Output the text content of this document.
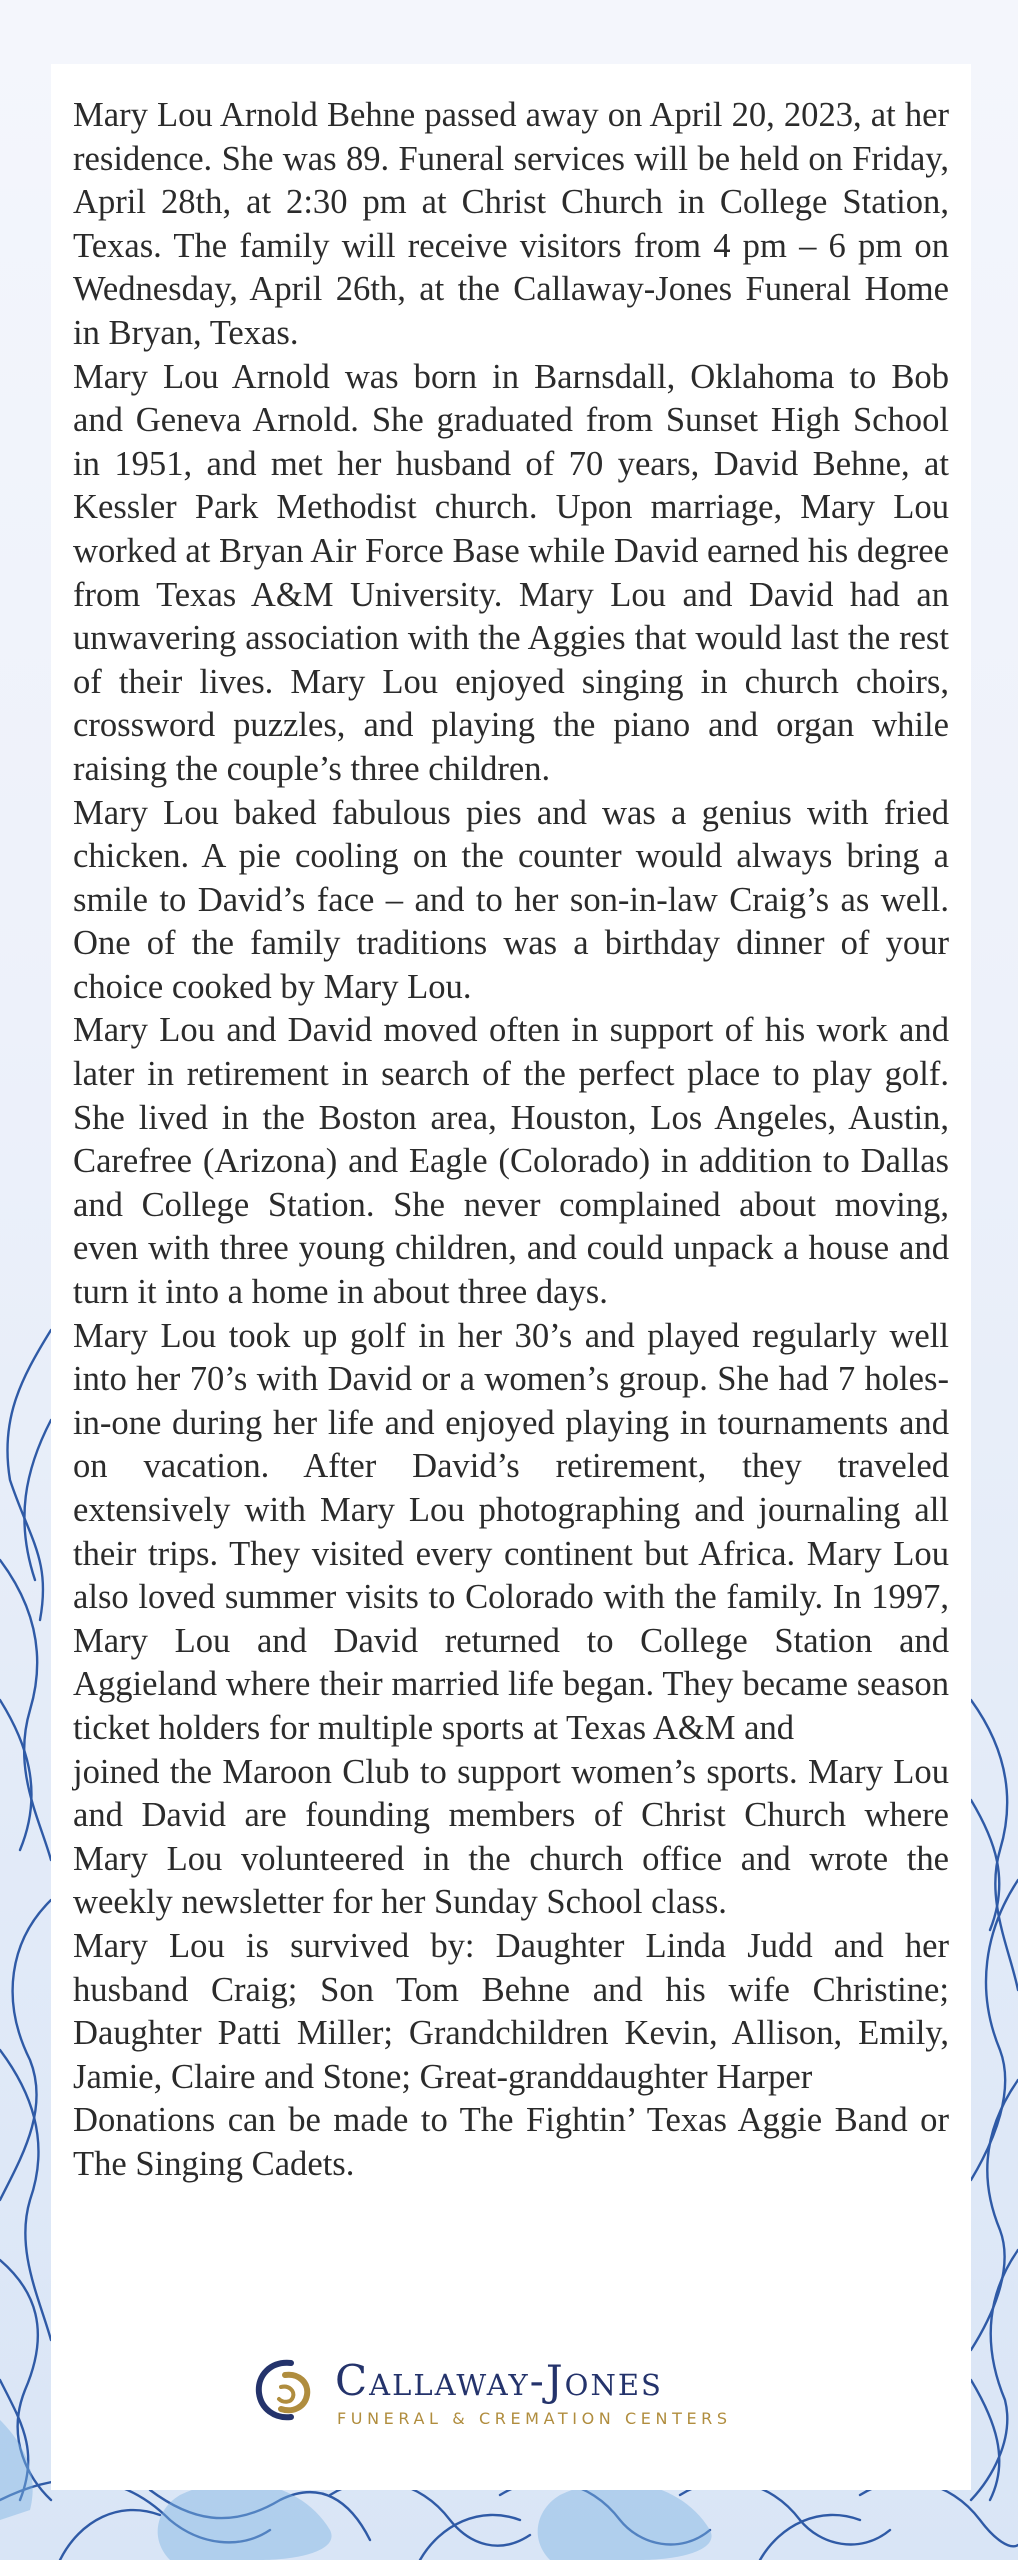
Mary Lou Arnold Behne passed away on April 20, 2023, at her residence. She was 89. Funeral services will be held on Friday, April 28th, at 2:30 pm at Christ Church in College Station, Texas. The family will receive visitors from 4 pm – 6 pm on Wednesday, April 26th, at the Callaway-Jones Funeral Home in Bryan, Texas.

Mary Lou Arnold was born in Barnsdall, Oklahoma to Bob and Geneva Arnold. She graduated from Sunset High School in 1951, and met her husband of 70 years, David Behne, at Kessler Park Methodist church. Upon marriage, Mary Lou worked at Bryan Air Force Base while David earned his degree from Texas A&M University. Mary Lou and David had an unwavering association with the Aggies that would last the rest of their lives. Mary Lou enjoyed singing in church choirs, crossword puzzles, and playing the piano and organ while raising the couple’s three children.

Mary Lou baked fabulous pies and was a genius with fried chicken. A pie cooling on the counter would always bring a smile to David’s face – and to her son-in-law Craig’s as well. One of the family traditions was a birthday dinner of your choice cooked by Mary Lou.

Mary Lou and David moved often in support of his work and later in retirement in search of the perfect place to play golf. She lived in the Boston area, Houston, Los Angeles, Austin, Carefree (Arizona) and Eagle (Colorado) in addition to Dallas and College Station. She never complained about moving, even with three young children, and could unpack a house and turn it into a home in about three days.

Mary Lou took up golf in her 30’s and played regularly well into her 70’s with David or a women’s group. She had 7 holes-in-one during her life and enjoyed playing in tournaments and on vacation. After David’s retirement, they traveled extensively with Mary Lou photographing and journaling all their trips. They visited every continent but Africa. Mary Lou also loved summer visits to Colorado with the family. In 1997, Mary Lou and David returned to College Station and Aggieland where their married life began. They became season ticket holders for multiple sports at Texas A&M and

joined the Maroon Club to support women’s sports. Mary Lou and David are founding members of Christ Church where Mary Lou volunteered in the church office and wrote the weekly newsletter for her Sunday School class.

Mary Lou is survived by: Daughter Linda Judd and her husband Craig; Son Tom Behne and his wife Christine; Daughter Patti Miller; Grandchildren Kevin, Allison, Emily, Jamie, Claire and Stone; Great-granddaughter Harper

Donations can be made to The Fightin’ Texas Aggie Band or The Singing Cadets.

Callaway-Jones
FUNERAL & CREMATION CENTERS
